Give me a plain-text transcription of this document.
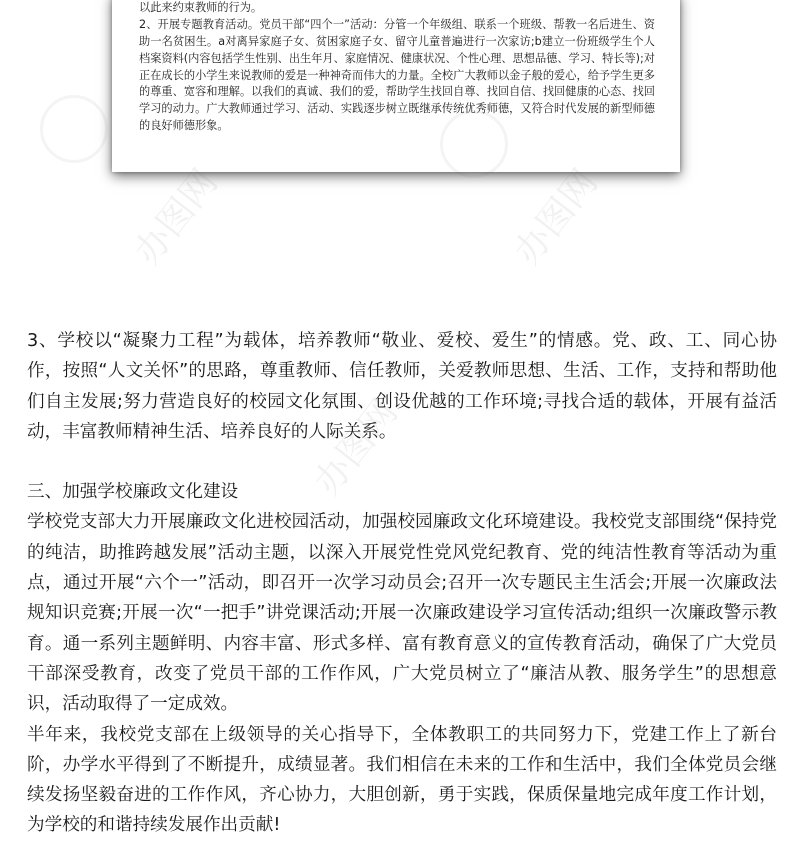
以此来约束教师的行为。

2、开展专题教育活动。党员干部“四个一”活动：分管一个年级组、联系一个班级、帮教一名后进生、资助一名贫困生。a对离异家庭子女、贫困家庭子女、留守儿童普遍进行一次家访;b建立一份班级学生个人档案资料(内容包括学生性别、出生年月、家庭情况、健康状况、个性心理、思想品德、学习、特长等);对正在成长的小学生来说教师的爱是一种神奇而伟大的力量。全校广大教师以金子般的爱心，给予学生更多的尊重、宽容和理解。以我们的真诚、我们的爱，帮助学生找回自尊、找回自信、找回健康的心态、找回学习的动力。广大教师通过学习、活动、实践逐步树立既继承传统优秀师德，又符合时代发展的新型师德的良好师德形象。

办图网	办图网
办图网

3、学校以“凝聚力工程”为载体，培养教师“敬业、爱校、爱生”的情感。党、政、工、同心协作，按照“人文关怀”的思路，尊重教师、信任教师，关爱教师思想、生活、工作，支持和帮助他们自主发展;努力营造良好的校园文化氛围、创设优越的工作环境;寻找合适的载体，开展有益活动，丰富教师精神生活、培养良好的人际关系。

三、加强学校廉政文化建设

学校党支部大力开展廉政文化进校园活动，加强校园廉政文化环境建设。我校党支部围绕“保持党的纯洁，助推跨越发展”活动主题，以深入开展党性党风党纪教育、党的纯洁性教育等活动为重点，通过开展“六个一”活动，即召开一次学习动员会;召开一次专题民主生活会;开展一次廉政法规知识竞赛;开展一次“一把手”讲党课活动;开展一次廉政建设学习宣传活动;组织一次廉政警示教育。通一系列主题鲜明、内容丰富、形式多样、富有教育意义的宣传教育活动，确保了广大党员干部深受教育，改变了党员干部的工作作风，广大党员树立了“廉洁从教、服务学生”的思想意识，活动取得了一定成效。

半年来，我校党支部在上级领导的关心指导下，全体教职工的共同努力下，党建工作上了新台阶，办学水平得到了不断提升，成绩显著。我们相信在未来的工作和生活中，我们全体党员会继续发扬坚毅奋进的工作作风，齐心协力，大胆创新，勇于实践，保质保量地完成年度工作计划，为学校的和谐持续发展作出贡献!
